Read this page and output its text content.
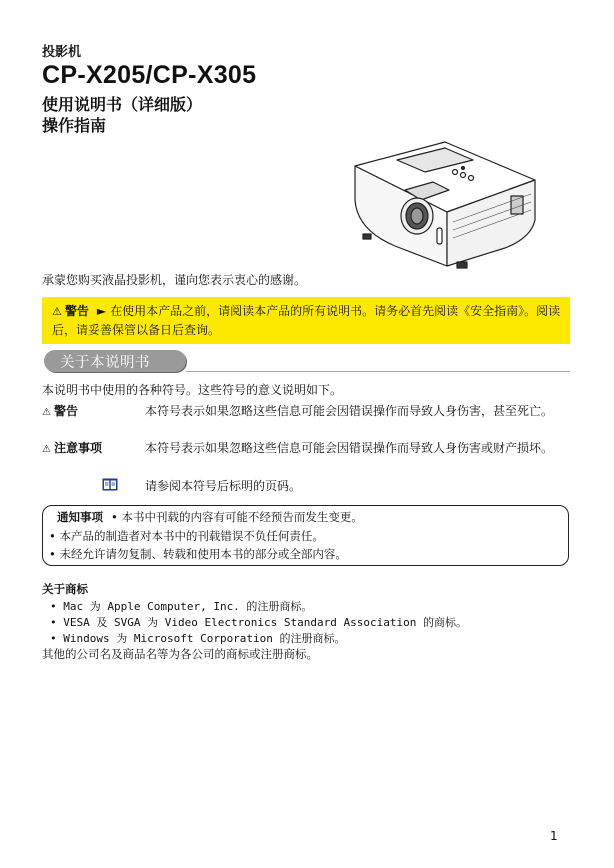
投影机
CP-X205/CP-X305
使用说明书（详细版）
操作指南
承蒙您购买液晶投影机，谨向您表示衷心的感谢。
⚠ 警告 ► 在使用本产品之前，请阅读本产品的所有说明书。请务必首先阅读《安全指南》。阅读后，请妥善保管以备日后查询。
关于本说明书
本说明书中使用的各种符号。这些符号的意义说明如下。
⚠ 警告	本符号表示如果忽略这些信息可能会因错误操作而导致人身伤害，甚至死亡。
⚠ 注意事项	本符号表示如果忽略这些信息可能会因错误操作而导致人身伤害或财产损坏。
请参阅本符号后标明的页码。
通知事项 • 本书中刊载的内容有可能不经预告而发生变更。
• 本产品的制造者对本书中的刊载错误不负任何责任。
• 未经允许请勿复制、转载和使用本书的部分或全部内容。
关于商标
• Mac 为 Apple Computer, Inc. 的注册商标。
• VESA 及 SVGA 为 Video Electronics Standard Association 的商标。
• Windows 为 Microsoft Corporation 的注册商标。
其他的公司名及商品名等为各公司的商标或注册商标。
1
